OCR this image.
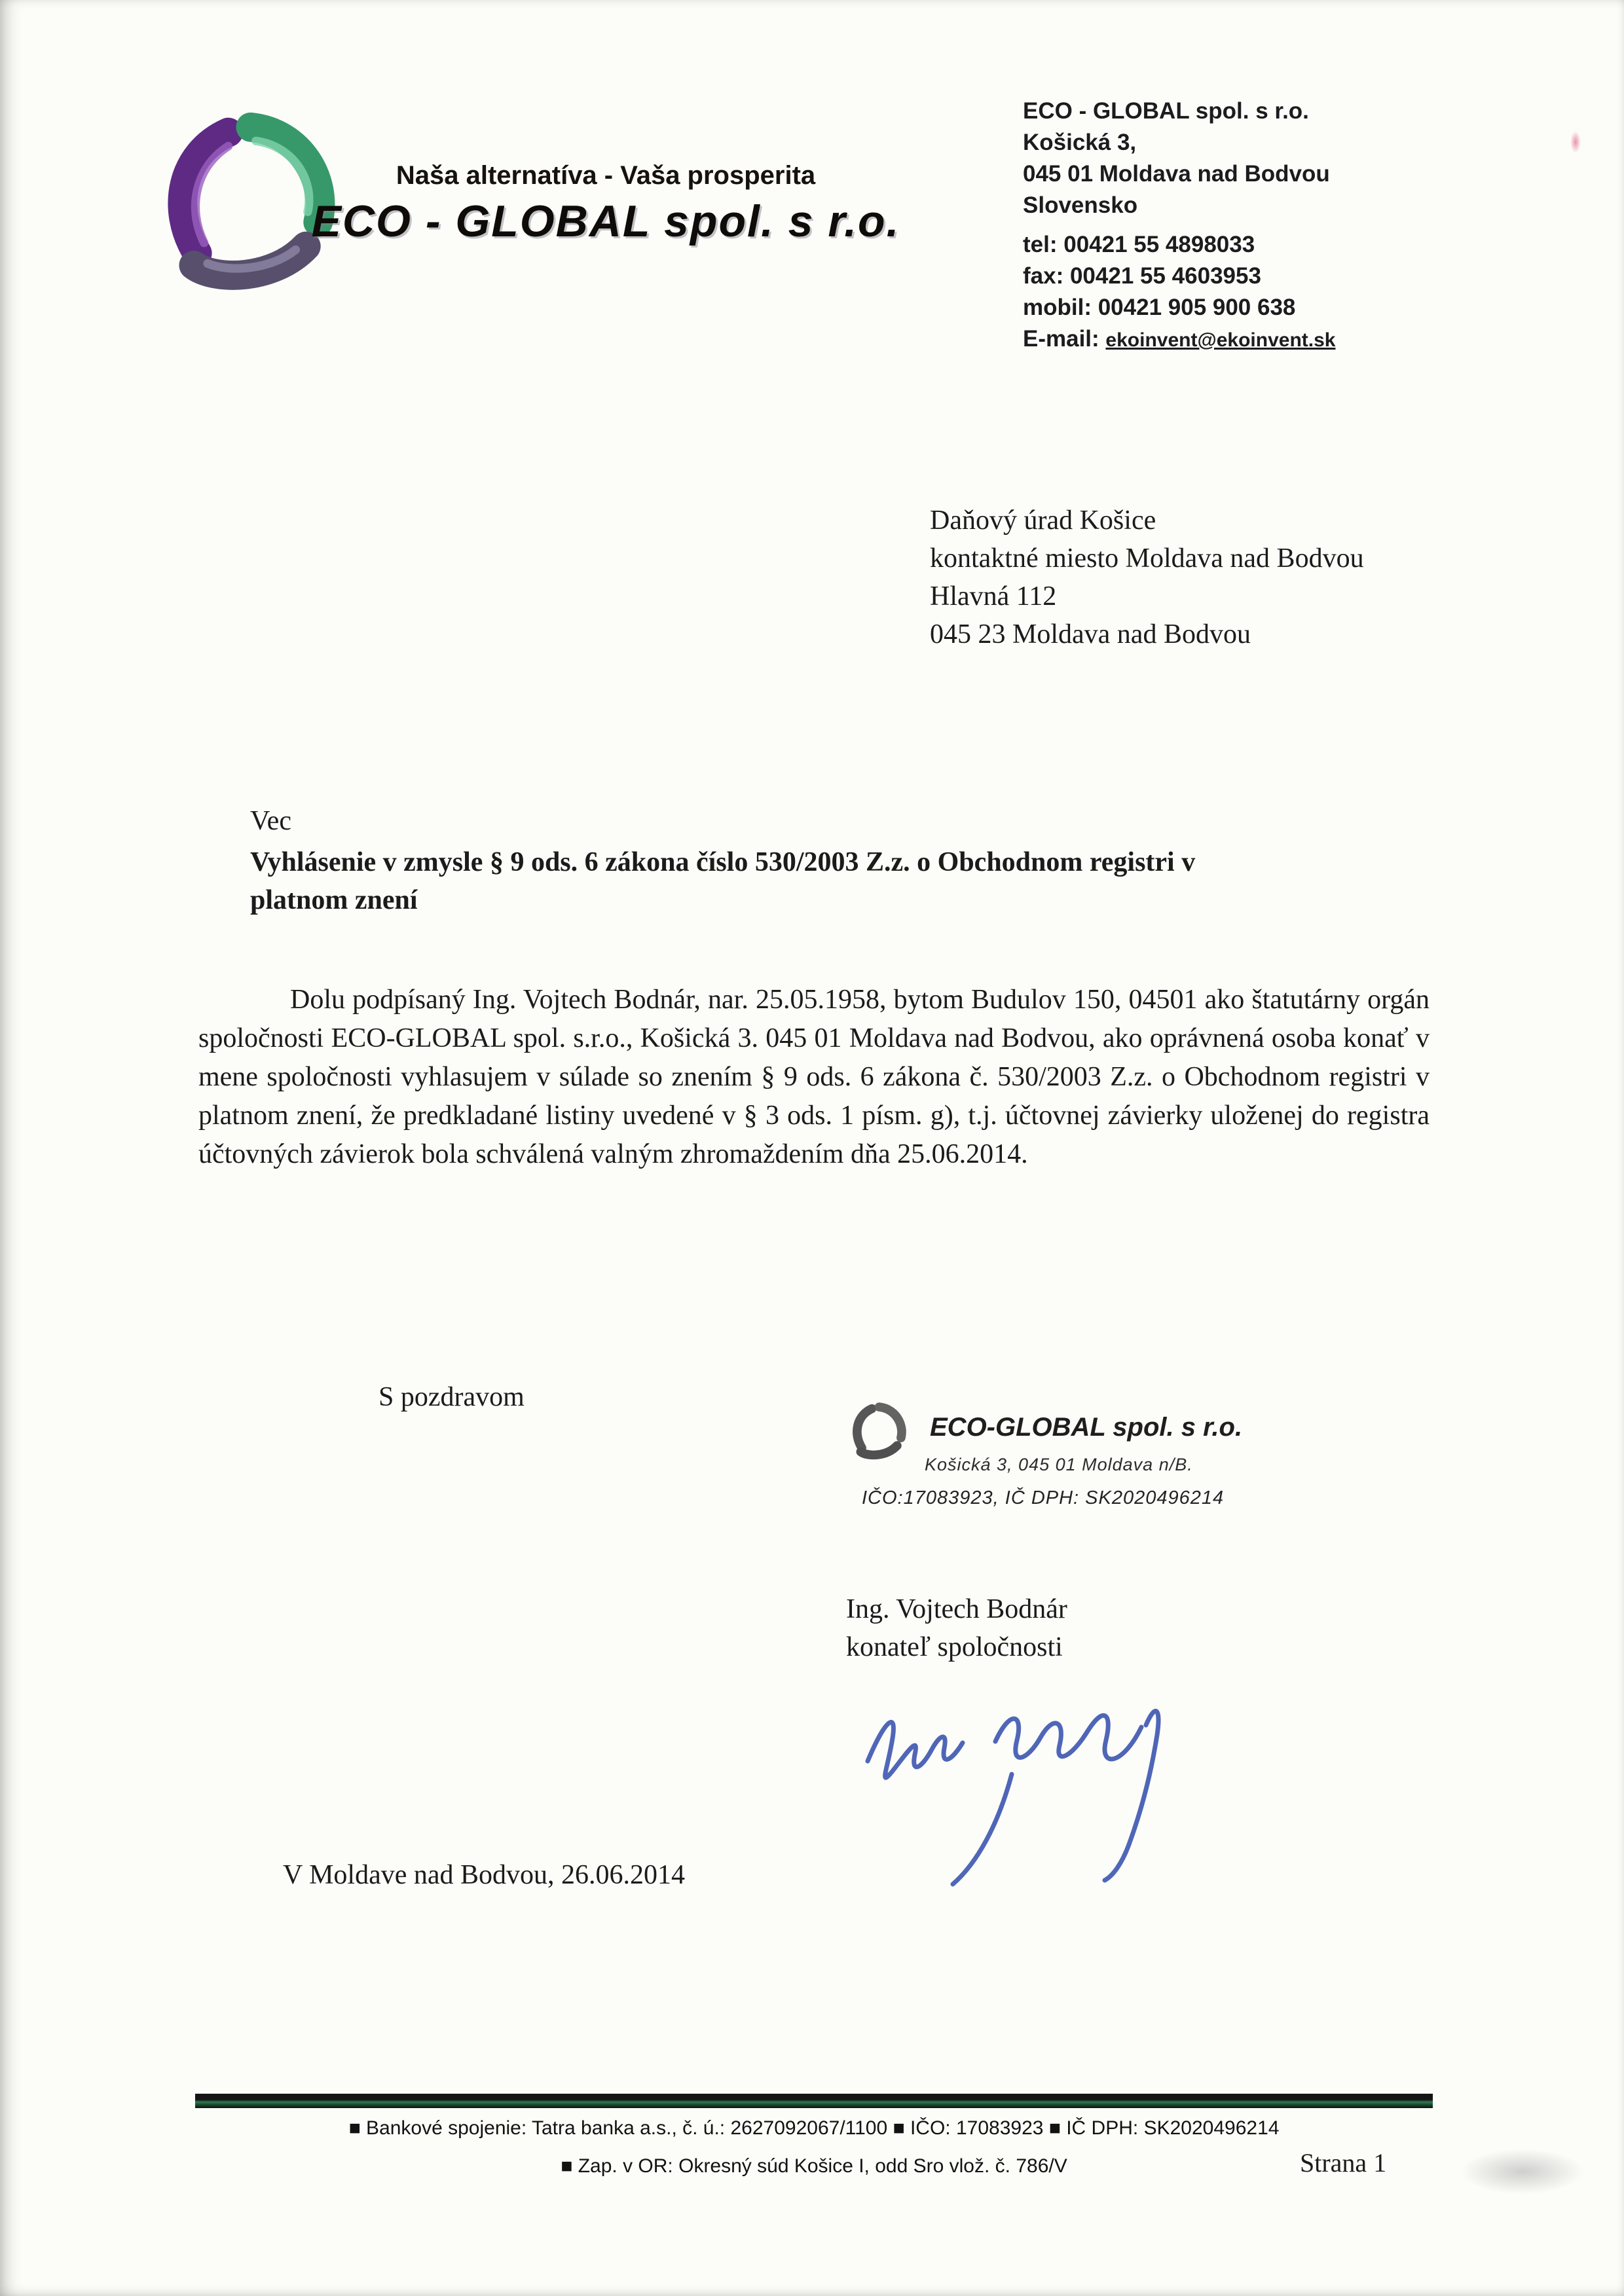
Naša alternatíva - Vaša prosperita
ECO - GLOBAL spol. s r.o.
ECO - GLOBAL spol. s r.o.
Košická 3,
045 01 Moldava nad Bodvou
Slovensko
tel: 00421 55 4898033
fax: 00421 55 4603953
mobil: 00421 905 900 638
E-mail: ekoinvent@ekoinvent.sk
Daňový úrad Košice
kontaktné miesto Moldava nad Bodvou
Hlavná 112
045 23 Moldava nad Bodvou
Vec
Vyhlásenie v zmysle § 9 ods. 6 zákona číslo 530/2003 Z.z. o Obchodnom registri v platnom znení
Dolu podpísaný Ing. Vojtech Bodnár, nar. 25.05.1958, bytom Budulov 150, 04501 ako štatutárny orgán spoločnosti ECO-GLOBAL spol. s.r.o., Košická 3. 045 01 Moldava nad Bodvou, ako oprávnená osoba konať v mene spoločnosti vyhlasujem v súlade so znením § 9 ods. 6 zákona č. 530/2003 Z.z. o Obchodnom registri v platnom znení, že predkladané listiny uvedené v § 3 ods. 1 písm. g), t.j. účtovnej závierky uloženej do registra účtovných závierok bola schválená valným zhromaždením dňa 25.06.2014.
S pozdravom
ECO-GLOBAL spol. s r.o.
Košická 3, 045 01 Moldava n/B.
IČO:17083923, IČ DPH: SK2020496214
Ing. Vojtech Bodnár
konateľ spoločnosti
V Moldave nad Bodvou, 26.06.2014
■ Bankové spojenie: Tatra banka a.s., č. ú.: 2627092067/1100 ■ IČO: 17083923 ■ IČ DPH: SK2020496214
■ Zap. v OR: Okresný súd Košice I, odd Sro vlož. č. 786/V	Strana 1
